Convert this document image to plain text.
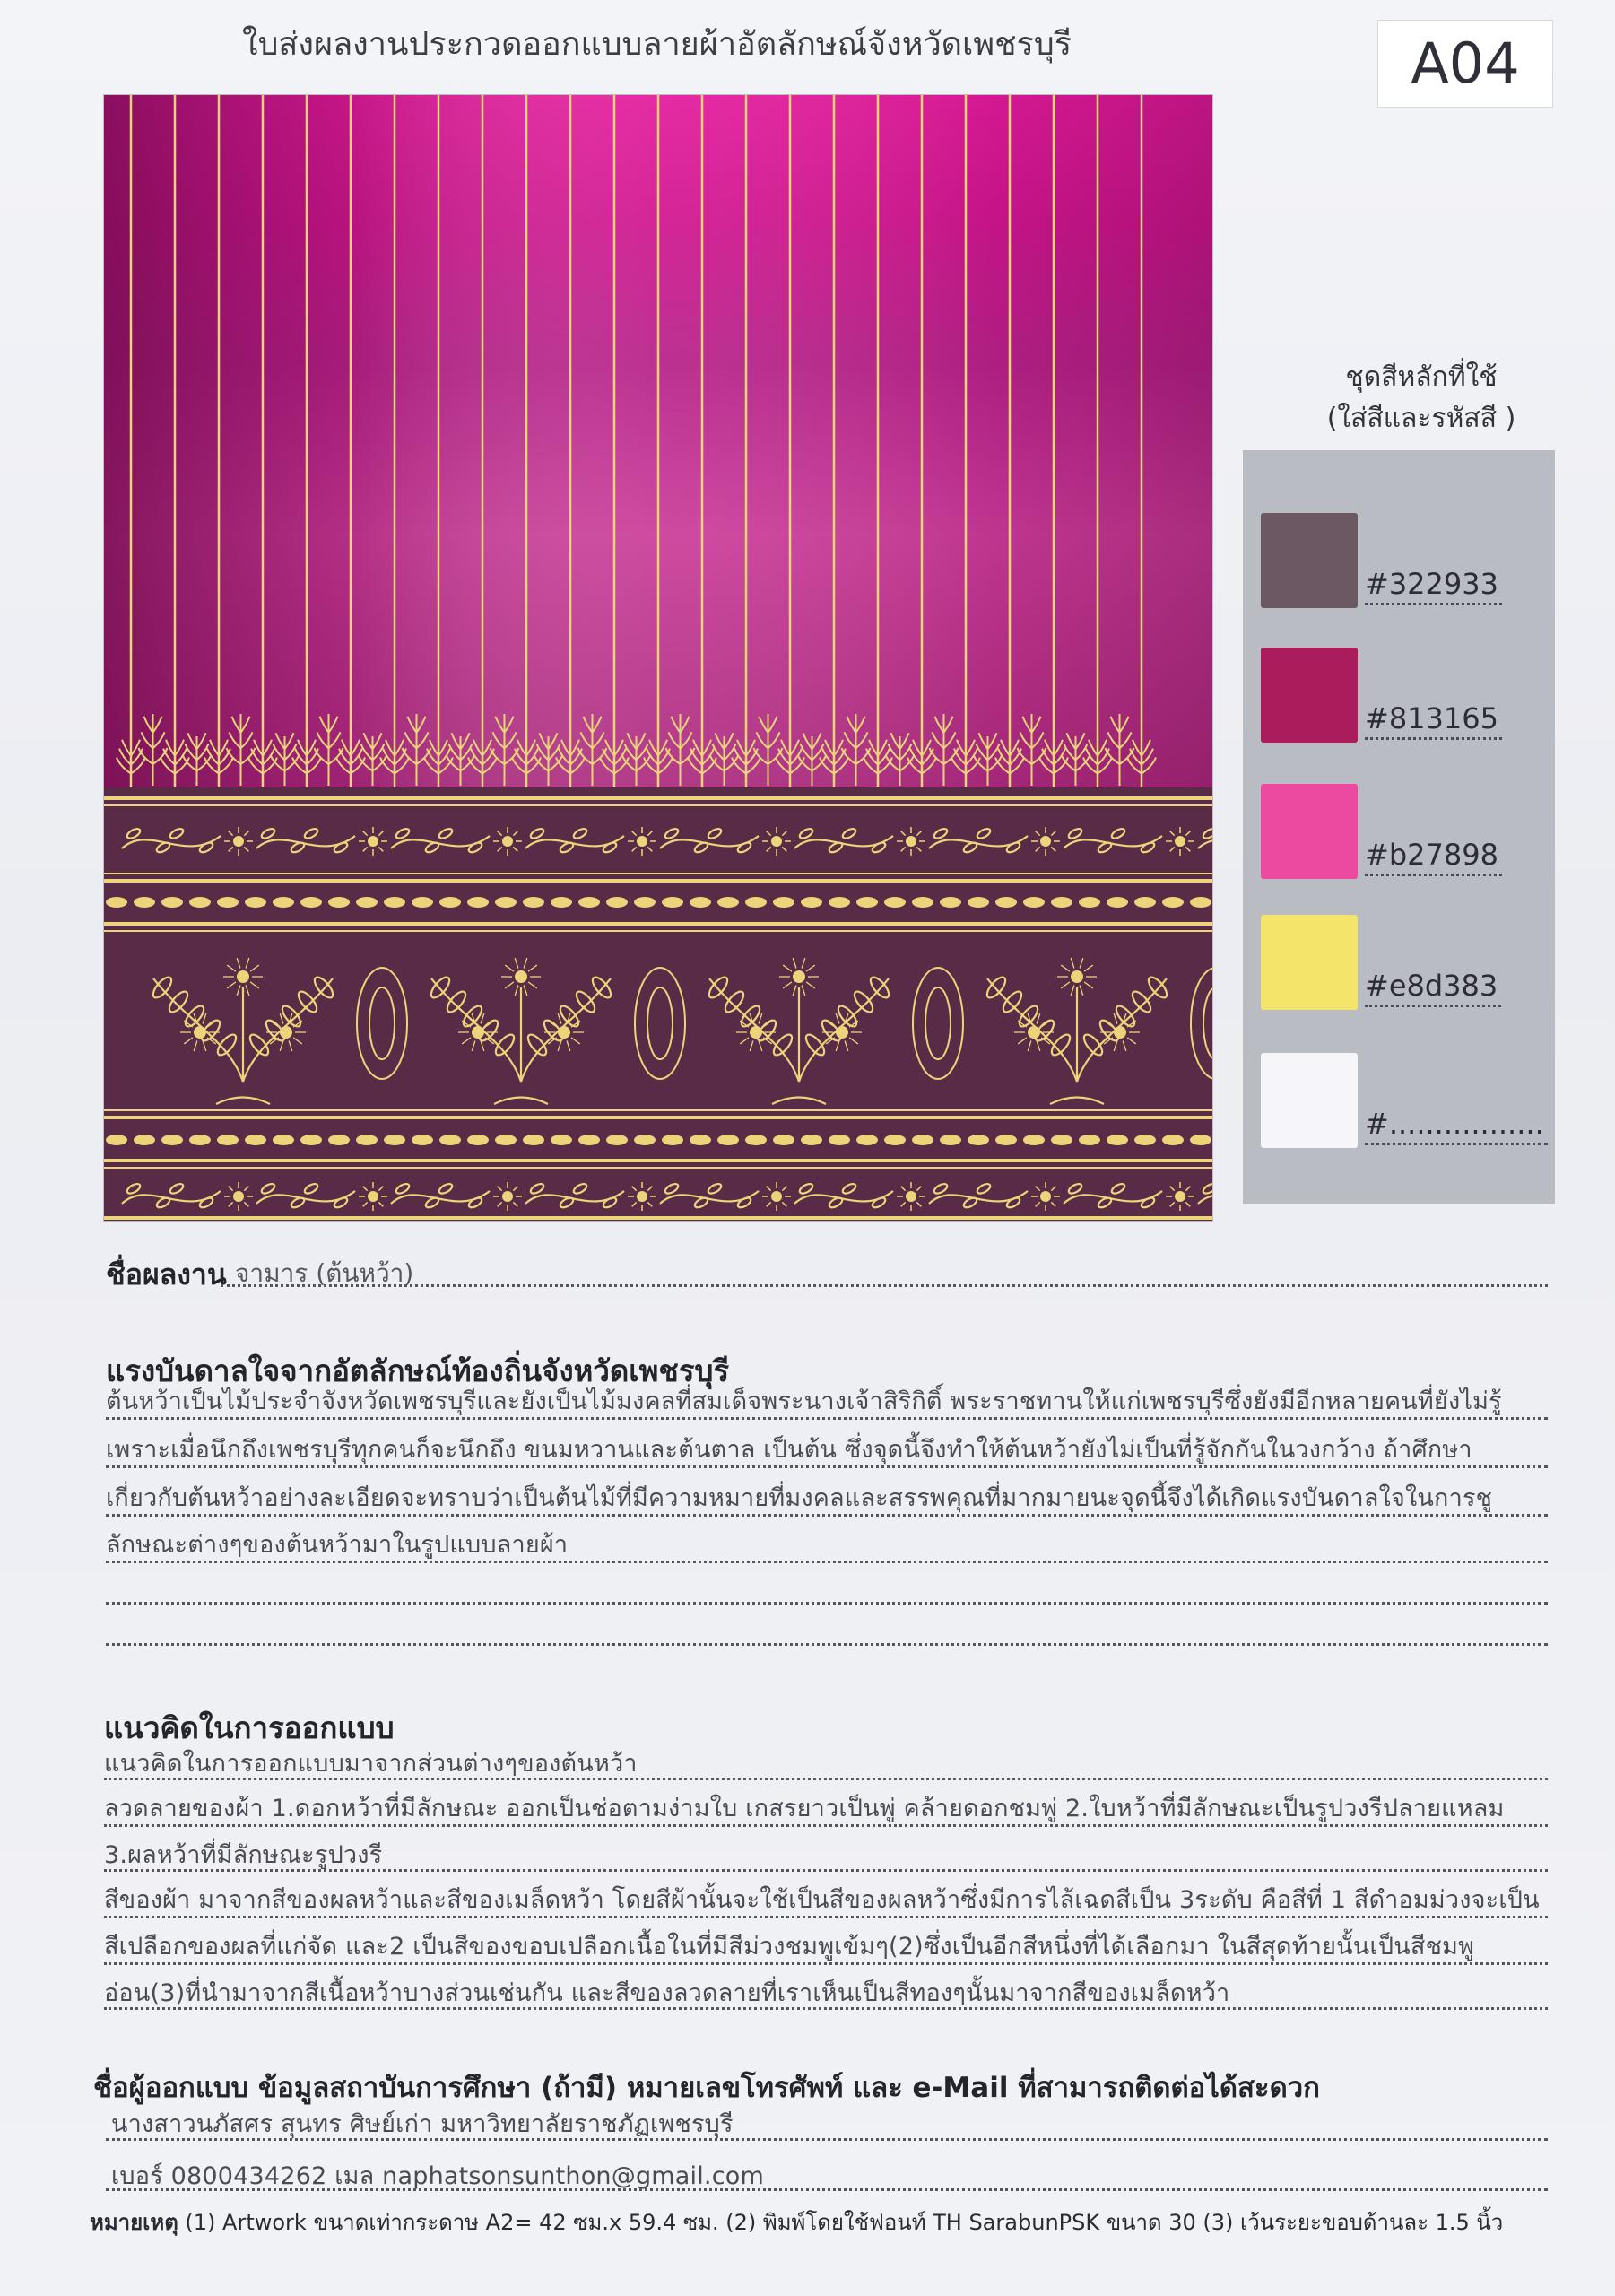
ใบส่งผลงานประกวดออกแบบลายผ้าอัตลักษณ์จังหวัดเพชรบุรี	A04
ชุดสีหลักที่ใช้
(ใส่สีและรหัสสี )
#322933
#813165
#b27898
#e8d383
#.................
ชื่อผลงาน จามาร (ต้นหว้า)
แรงบันดาลใจจากอัตลักษณ์ท้องถิ่นจังหวัดเพชรบุรี
ต้นหว้าเป็นไม้ประจำจังหวัดเพชรบุรีและยังเป็นไม้มงคลที่สมเด็จพระนางเจ้าสิริกิติ์ พระราชทานให้แก่เพชรบุรีซึ่งยังมีอีกหลายคนที่ยังไม่รู้
เพราะเมื่อนึกถึงเพชรบุรีทุกคนก็จะนึกถึง ขนมหวานและต้นตาล เป็นต้น ซึ่งจุดนี้จึงทำให้ต้นหว้ายังไม่เป็นที่รู้จักกันในวงกว้าง ถ้าศึกษา
เกี่ยวกับต้นหว้าอย่างละเอียดจะทราบว่าเป็นต้นไม้ที่มีความหมายที่มงคลและสรรพคุณที่มากมายนะจุดนี้จึงได้เกิดแรงบันดาลใจในการชู
ลักษณะต่างๆของต้นหว้ามาในรูปแบบลายผ้า
แนวคิดในการออกแบบ
แนวคิดในการออกแบบมาจากส่วนต่างๆของต้นหว้า
ลวดลายของผ้า 1.ดอกหว้าที่มีลักษณะ ออกเป็นช่อตามง่ามใบ เกสรยาวเป็นพู่ คล้ายดอกชมพู่ 2.ใบหว้าที่มีลักษณะเป็นรูปวงรีปลายแหลม
3.ผลหว้าที่มีลักษณะรูปวงรี
สีของผ้า มาจากสีของผลหว้าและสีของเมล็ดหว้า โดยสีผ้านั้นจะใช้เป็นสีของผลหว้าซึ่งมีการไล้เฉดสีเป็น 3ระดับ คือสีที่ 1 สีดำอมม่วงจะเป็น
สีเปลือกของผลที่แก่จัด และ2 เป็นสีของขอบเปลือกเนื้อในที่มีสีม่วงชมพูเข้มๆ(2)ซึ่งเป็นอีกสีหนึ่งที่ได้เลือกมา ในสีสุดท้ายนั้นเป็นสีชมพู
อ่อน(3)ที่นำมาจากสีเนื้อหว้าบางส่วนเช่นกัน และสีของลวดลายที่เราเห็นเป็นสีทองๆนั้นมาจากสีของเมล็ดหว้า
ชื่อผู้ออกแบบ ข้อมูลสถาบันการศึกษา (ถ้ามี) หมายเลขโทรศัพท์ และ e-Mail ที่สามารถติดต่อได้สะดวก
นางสาวนภัสศร สุนทร ศิษย์เก่า มหาวิทยาลัยราชภัฏเพชรบุรี
เบอร์ 0800434262 เมล naphatsonsunthon@gmail.com
หมายเหตุ (1) Artwork ขนาดเท่ากระดาษ A2= 42 ซม.x 59.4 ซม. (2) พิมพ์โดยใช้ฟอนท์ TH SarabunPSK ขนาด 30 (3) เว้นระยะขอบด้านละ 1.5 นิ้ว
